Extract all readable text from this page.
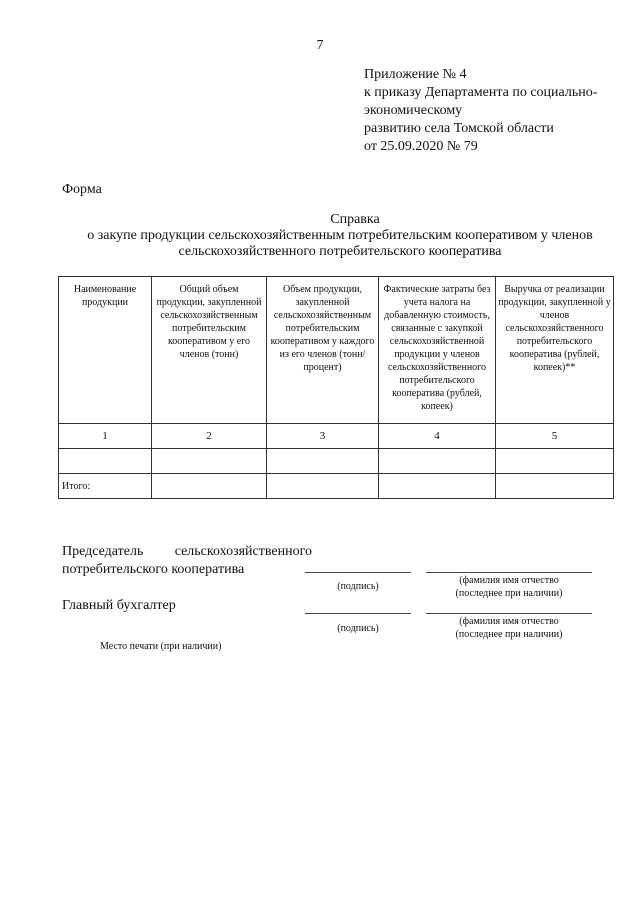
7
Приложение № 4
к приказу Департамента по социально-
экономическому
развитию села Томской области
от 25.09.2020 № 79
Форма
Справка
о закупе продукции сельскохозяйственным потребительским кооперативом у членов
сельскохозяйственного потребительского кооператива
Наименование продукции	Общий объем продукции, закупленной сельскохозяйственным потребительским кооперативом у его членов (тонн)	Объем продукции, закупленной сельскохозяйственным потребительским кооперативом у каждого из его членов (тонн/процент)	Фактические затраты без учета налога на добавленную стоимость, связанные с закупкой сельскохозяйственной продукции у членов сельскохозяйственного потребительского кооператива (рублей, копеек)	Выручка от реализации продукции, закупленной у членов сельскохозяйственного потребительского кооператива (рублей, копеек)**
1	2	3	4	5

Итого:				
Председатель сельскохозяйственного
потребительского кооператива
(подпись)
(фамилия имя отчество
(последнее при наличии)
Главный бухгалтер
(подпись)
(фамилия имя отчество
(последнее при наличии)
Место печати (при наличии)
